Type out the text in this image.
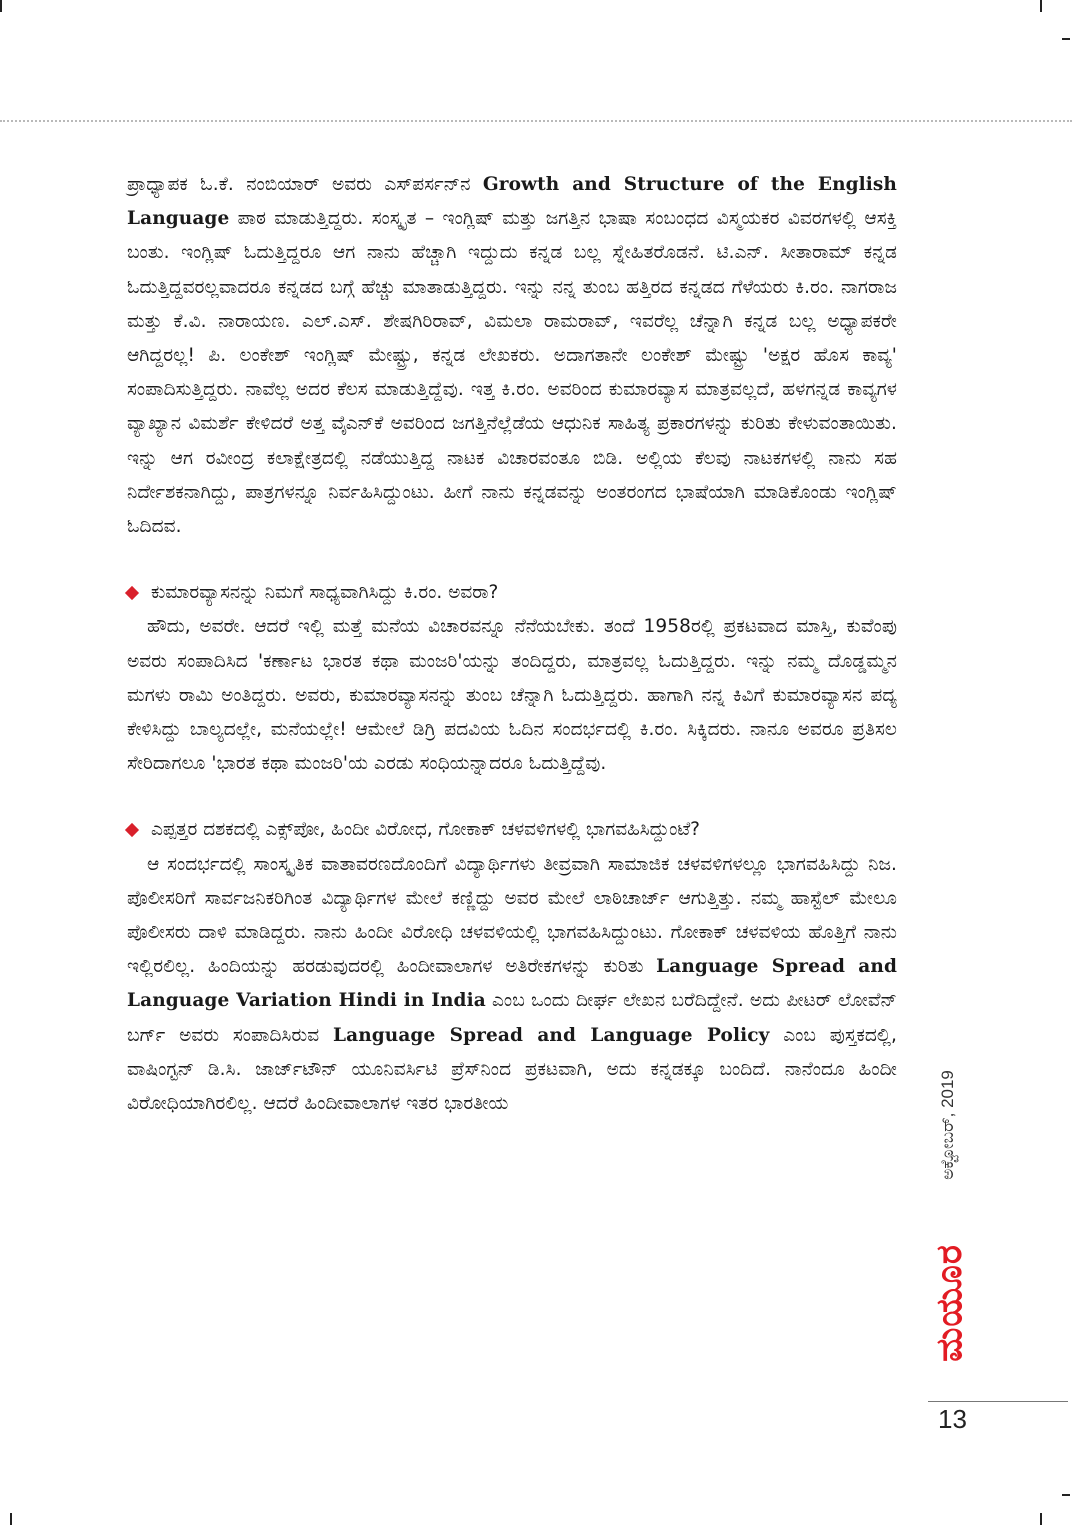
ಪ್ರಾಧ್ಯಾಪಕ ಓ.ಕೆ. ನಂಬಿಯಾರ್ ಅವರು ಎಸ್‌ಪರ್ಸನ್‌ನ Growth and Structure of the English Language ಪಾಠ ಮಾಡುತ್ತಿದ್ದರು. ಸಂಸ್ಕೃತ – ಇಂಗ್ಲಿಷ್ ಮತ್ತು ಜಗತ್ತಿನ ಭಾಷಾ ಸಂಬಂಧದ ವಿಸ್ಮಯಕರ ವಿವರಗಳಲ್ಲಿ ಆಸಕ್ತಿ ಬಂತು. ಇಂಗ್ಲಿಷ್ ಓದುತ್ತಿದ್ದರೂ ಆಗ ನಾನು ಹೆಚ್ಚಾಗಿ ಇದ್ದುದು ಕನ್ನಡ ಬಲ್ಲ ಸ್ನೇಹಿತರೊಡನೆ. ಟಿ.ಎನ್. ಸೀತಾರಾಮ್ ಕನ್ನಡ ಓದುತ್ತಿದ್ದವರಲ್ಲವಾದರೂ ಕನ್ನಡದ ಬಗ್ಗೆ ಹೆಚ್ಚು ಮಾತಾಡುತ್ತಿದ್ದರು. ಇನ್ನು ನನ್ನ ತುಂಬ ಹತ್ತಿರದ ಕನ್ನಡದ ಗೆಳೆಯರು ಕಿ.ರಂ. ನಾಗರಾಜ ಮತ್ತು ಕೆ.ವಿ. ನಾರಾಯಣ. ಎಲ್.ಎಸ್. ಶೇಷಗಿರಿರಾವ್, ವಿಮಲಾ ರಾಮರಾವ್, ಇವರೆಲ್ಲ ಚೆನ್ನಾಗಿ ಕನ್ನಡ ಬಲ್ಲ ಅಧ್ಯಾಪಕರೇ ಆಗಿದ್ದರಲ್ಲ! ಪಿ. ಲಂಕೇಶ್ ಇಂಗ್ಲಿಷ್ ಮೇಷ್ಟ್ರು, ಕನ್ನಡ ಲೇಖಕರು. ಅದಾಗತಾನೇ ಲಂಕೇಶ್ ಮೇಷ್ಟ್ರು 'ಅಕ್ಷರ ಹೊಸ ಕಾವ್ಯ' ಸಂಪಾದಿಸುತ್ತಿದ್ದರು. ನಾವೆಲ್ಲ ಅದರ ಕೆಲಸ ಮಾಡುತ್ತಿದ್ದೆವು. ಇತ್ತ ಕಿ.ರಂ. ಅವರಿಂದ ಕುಮಾರವ್ಯಾಸ ಮಾತ್ರವಲ್ಲದೆ, ಹಳಗನ್ನಡ ಕಾವ್ಯಗಳ ವ್ಯಾಖ್ಯಾನ ವಿಮರ್ಶೆ ಕೇಳಿದರೆ ಅತ್ತ ವೈಎನ್‌ಕೆ ಅವರಿಂದ ಜಗತ್ತಿನೆಲ್ಲೆಡೆಯ ಆಧುನಿಕ ಸಾಹಿತ್ಯ ಪ್ರಕಾರಗಳನ್ನು ಕುರಿತು ಕೇಳುವಂತಾಯಿತು. ಇನ್ನು ಆಗ ರವೀಂದ್ರ ಕಲಾಕ್ಷೇತ್ರದಲ್ಲಿ ನಡೆಯುತ್ತಿದ್ದ ನಾಟಕ ವಿಚಾರವಂತೂ ಬಿಡಿ. ಅಲ್ಲಿಯ ಕೆಲವು ನಾಟಕಗಳಲ್ಲಿ ನಾನು ಸಹ ನಿರ್ದೇಶಕನಾಗಿದ್ದು, ಪಾತ್ರಗಳನ್ನೂ ನಿರ್ವಹಿಸಿದ್ದುಂಟು. ಹೀಗೆ ನಾನು ಕನ್ನಡವನ್ನು ಅಂತರಂಗದ ಭಾಷೆಯಾಗಿ ಮಾಡಿಕೊಂಡು ಇಂಗ್ಲಿಷ್ ಓದಿದವ.

ಕುಮಾರವ್ಯಾಸನನ್ನು ನಿಮಗೆ ಸಾಧ್ಯವಾಗಿಸಿದ್ದು ಕಿ.ರಂ. ಅವರಾ?

ಹೌದು, ಅವರೇ. ಆದರೆ ಇಲ್ಲಿ ಮತ್ತೆ ಮನೆಯ ವಿಚಾರವನ್ನೂ ನೆನೆಯಬೇಕು. ತಂದೆ 1958ರಲ್ಲಿ ಪ್ರಕಟವಾದ ಮಾಸ್ತಿ, ಕುವೆಂಪು ಅವರು ಸಂಪಾದಿಸಿದ 'ಕರ್ಣಾಟ ಭಾರತ ಕಥಾ ಮಂಜರಿ'ಯನ್ನು ತಂದಿದ್ದರು, ಮಾತ್ರವಲ್ಲ ಓದುತ್ತಿದ್ದರು. ಇನ್ನು ನಮ್ಮ ದೊಡ್ಡಮ್ಮನ ಮಗಳು ರಾಮಿ ಅಂತಿದ್ದರು. ಅವರು, ಕುಮಾರವ್ಯಾಸನನ್ನು ತುಂಬ ಚೆನ್ನಾಗಿ ಓದುತ್ತಿದ್ದರು. ಹಾಗಾಗಿ ನನ್ನ ಕಿವಿಗೆ ಕುಮಾರವ್ಯಾಸನ ಪದ್ಯ ಕೇಳಿಸಿದ್ದು ಬಾಲ್ಯದಲ್ಲೇ, ಮನೆಯಲ್ಲೇ! ಆಮೇಲೆ ಡಿಗ್ರಿ ಪದವಿಯ ಓದಿನ ಸಂದರ್ಭದಲ್ಲಿ ಕಿ.ರಂ. ಸಿಕ್ಕಿದರು. ನಾನೂ ಅವರೂ ಪ್ರತಿಸಲ ಸೇರಿದಾಗಲೂ 'ಭಾರತ ಕಥಾ ಮಂಜರಿ'ಯ ಎರಡು ಸಂಧಿಯನ್ನಾದರೂ ಓದುತ್ತಿದ್ದೆವು.

ಎಪ್ಪತ್ತರ ದಶಕದಲ್ಲಿ ಎಕ್ಸ್‌ಪೋ, ಹಿಂದೀ ವಿರೋಧ, ಗೋಕಾಕ್ ಚಳವಳಿಗಳಲ್ಲಿ ಭಾಗವಹಿಸಿದ್ದುಂಟೆ?

ಆ ಸಂದರ್ಭದಲ್ಲಿ ಸಾಂಸ್ಕೃತಿಕ ವಾತಾವರಣದೊಂದಿಗೆ ವಿದ್ಯಾರ್ಥಿಗಳು ತೀವ್ರವಾಗಿ ಸಾಮಾಜಿಕ ಚಳವಳಿಗಳಲ್ಲೂ ಭಾಗವಹಿಸಿದ್ದು ನಿಜ. ಪೊಲೀಸರಿಗೆ ಸಾರ್ವಜನಿಕರಿಗಿಂತ ವಿದ್ಯಾರ್ಥಿಗಳ ಮೇಲೆ ಕಣ್ಣಿದ್ದು ಅವರ ಮೇಲೆ ಲಾಠಿಚಾರ್ಜ್ ಆಗುತ್ತಿತ್ತು. ನಮ್ಮ ಹಾಸ್ಟೆಲ್ ಮೇಲೂ ಪೊಲೀಸರು ದಾಳಿ ಮಾಡಿದ್ದರು. ನಾನು ಹಿಂದೀ ವಿರೋಧಿ ಚಳವಳಿಯಲ್ಲಿ ಭಾಗವಹಿಸಿದ್ದುಂಟು. ಗೋಕಾಕ್ ಚಳವಳಿಯ ಹೊತ್ತಿಗೆ ನಾನು ಇಲ್ಲಿರಲಿಲ್ಲ. ಹಿಂದಿಯನ್ನು ಹರಡುವುದರಲ್ಲಿ ಹಿಂದೀವಾಲಾಗಳ ಅತಿರೇಕಗಳನ್ನು ಕುರಿತು Language Spread and Language Variation Hindi in India ಎಂಬ ಒಂದು ದೀರ್ಘ ಲೇಖನ ಬರೆದಿದ್ದೇನೆ. ಅದು ಪೀಟರ್ ಲೋವೆನ್ ಬರ್ಗ್ ಅವರು ಸಂಪಾದಿಸಿರುವ Language Spread and Language Policy ಎಂಬ ಪುಸ್ತಕದಲ್ಲಿ, ವಾಷಿಂಗ್ಟನ್ ಡಿ.ಸಿ. ಜಾರ್ಜ್‌ಟೌನ್ ಯೂನಿವರ್ಸಿಟಿ ಪ್ರೆಸ್‌ನಿಂದ ಪ್ರಕಟವಾಗಿ, ಅದು ಕನ್ನಡಕ್ಕೂ ಬಂದಿದೆ. ನಾನೆಂದೂ ಹಿಂದೀ ವಿರೋಧಿಯಾಗಿರಲಿಲ್ಲ. ಆದರೆ ಹಿಂದೀವಾಲಾಗಳ ಇತರ ಭಾರತೀಯ	ಅಕ್ಟೋಬರ್, 2019
ಮಯೂರ
13
